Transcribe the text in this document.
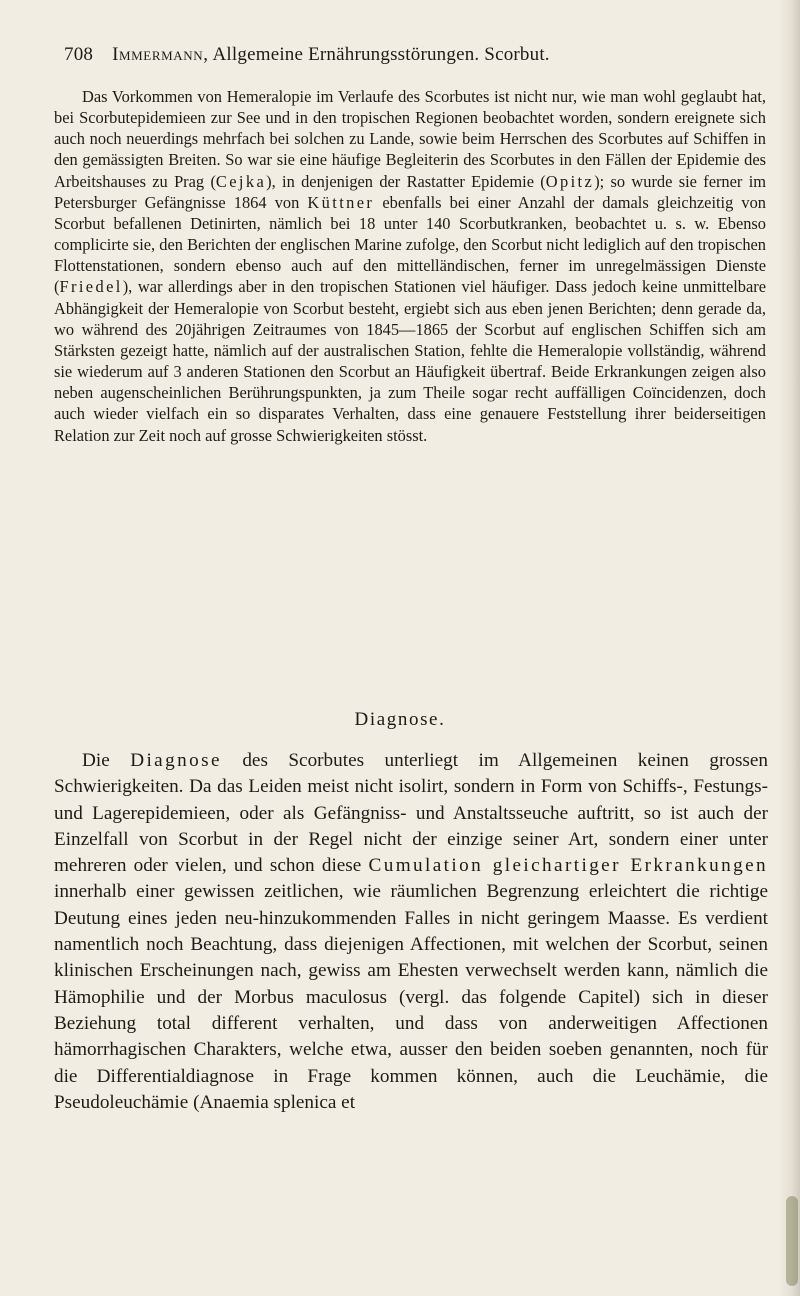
708 Immermann, Allgemeine Ernährungsstörungen. Scorbut.

Das Vorkommen von Hemeralopie im Verlaufe des Scorbutes ist nicht nur, wie man wohl geglaubt hat, bei Scorbutepidemieen zur See und in den tropischen Regionen beobachtet worden, sondern ereignete sich auch noch neuerdings mehrfach bei solchen zu Lande, sowie beim Herrschen des Scorbutes auf Schiffen in den gemässigten Breiten. So war sie eine häufige Begleiterin des Scorbutes in den Fällen der Epidemie des Arbeitshauses zu Prag (Cejka), in denjenigen der Rastatter Epidemie (Opitz); so wurde sie ferner im Petersburger Gefängnisse 1864 von Küttner ebenfalls bei einer Anzahl der damals gleichzeitig von Scorbut befallenen Detinirten, nämlich bei 18 unter 140 Scorbutkranken, beobachtet u. s. w. Ebenso complicirte sie, den Berichten der englischen Marine zufolge, den Scorbut nicht lediglich auf den tropischen Flottenstationen, sondern ebenso auch auf den mittelländischen, ferner im unregelmässigen Dienste (Friedel), war allerdings aber in den tropischen Stationen viel häufiger. Dass jedoch keine unmittelbare Abhängigkeit der Hemeralopie von Scorbut besteht, ergiebt sich aus eben jenen Berichten; denn gerade da, wo während des 20jährigen Zeitraumes von 1845—1865 der Scorbut auf englischen Schiffen sich am Stärksten gezeigt hatte, nämlich auf der australischen Station, fehlte die Hemeralopie vollständig, während sie wiederum auf 3 anderen Stationen den Scorbut an Häufigkeit übertraf. Beide Erkrankungen zeigen also neben augenscheinlichen Berührungspunkten, ja zum Theile sogar recht auffälligen Coïncidenzen, doch auch wieder vielfach ein so disparates Verhalten, dass eine genauere Feststellung ihrer beiderseitigen Relation zur Zeit noch auf grosse Schwierigkeiten stösst.

Diagnose.

Die Diagnose des Scorbutes unterliegt im Allgemeinen keinen grossen Schwierigkeiten. Da das Leiden meist nicht isolirt, sondern in Form von Schiffs-, Festungs- und Lagerepidemieen, oder als Gefängniss- und Anstaltsseuche auftritt, so ist auch der Einzelfall von Scorbut in der Regel nicht der einzige seiner Art, sondern einer unter mehreren oder vielen, und schon diese Cumulation gleichartiger Erkrankungen innerhalb einer gewissen zeitlichen, wie räumlichen Begrenzung erleichtert die richtige Deutung eines jeden neu-hinzukommenden Falles in nicht geringem Maasse. Es verdient namentlich noch Beachtung, dass diejenigen Affectionen, mit welchen der Scorbut, seinen klinischen Erscheinungen nach, gewiss am Ehesten verwechselt werden kann, nämlich die Hämophilie und der Morbus maculosus (vergl. das folgende Capitel) sich in dieser Beziehung total different verhalten, und dass von anderweitigen Affectionen hämorrhagischen Charakters, welche etwa, ausser den beiden soeben genannten, noch für die Differentialdiagnose in Frage kommen können, auch die Leuchämie, die Pseudoleuchämie (Anaemia splenica et
